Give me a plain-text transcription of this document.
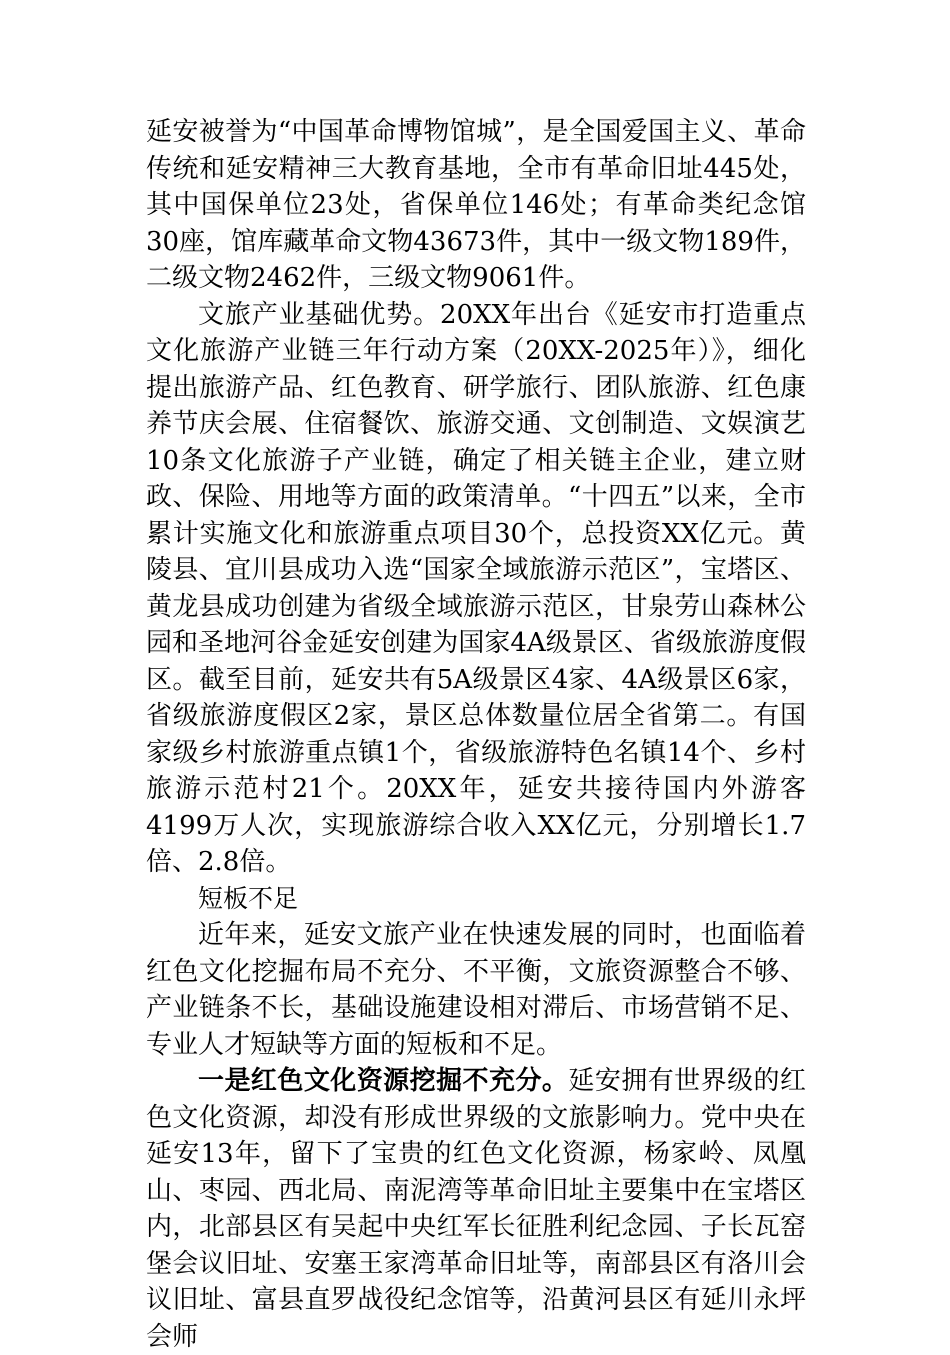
延安被誉为“中国革命博物馆城”，是全国爱国主义、革命传统和延安精神三大教育基地，全市有革命旧址445处，其中国保单位23处，省保单位146处；有革命类纪念馆30座，馆库藏革命文物43673件，其中一级文物189件，二级文物2462件，三级文物9061件。

文旅产业基础优势。20XX年出台《延安市打造重点文化旅游产业链三年行动方案（20XX-2025年）》，细化提出旅游产品、红色教育、研学旅行、团队旅游、红色康养节庆会展、住宿餐饮、旅游交通、文创制造、文娱演艺10条文化旅游子产业链，确定了相关链主企业，建立财政、保险、用地等方面的政策清单。“十四五”以来，全市累计实施文化和旅游重点项目30个，总投资XX亿元。黄陵县、宜川县成功入选“国家全域旅游示范区”，宝塔区、黄龙县成功创建为省级全域旅游示范区，甘泉劳山森林公园和圣地河谷金延安创建为国家4A级景区、省级旅游度假区。截至目前，延安共有5A级景区4家、4A级景区6家，省级旅游度假区2家，景区总体数量位居全省第二。有国家级乡村旅游重点镇1个，省级旅游特色名镇14个、乡村旅游示范村21个。20XX年，延安共接待国内外游客4199万人次，实现旅游综合收入XX亿元，分别增长1.7倍、2.8倍。

短板不足

近年来，延安文旅产业在快速发展的同时，也面临着红色文化挖掘布局不充分、不平衡，文旅资源整合不够、产业链条不长，基础设施建设相对滞后、市场营销不足、专业人才短缺等方面的短板和不足。

一是红色文化资源挖掘不充分。延安拥有世界级的红色文化资源，却没有形成世界级的文旅影响力。党中央在延安13年，留下了宝贵的红色文化资源，杨家岭、凤凰山、枣园、西北局、南泥湾等革命旧址主要集中在宝塔区内，北部县区有吴起中央红军长征胜利纪念园、子长瓦窑堡会议旧址、安塞王家湾革命旧址等，南部县区有洛川会议旧址、富县直罗战役纪念馆等，沿黄河县区有延川永坪会师
